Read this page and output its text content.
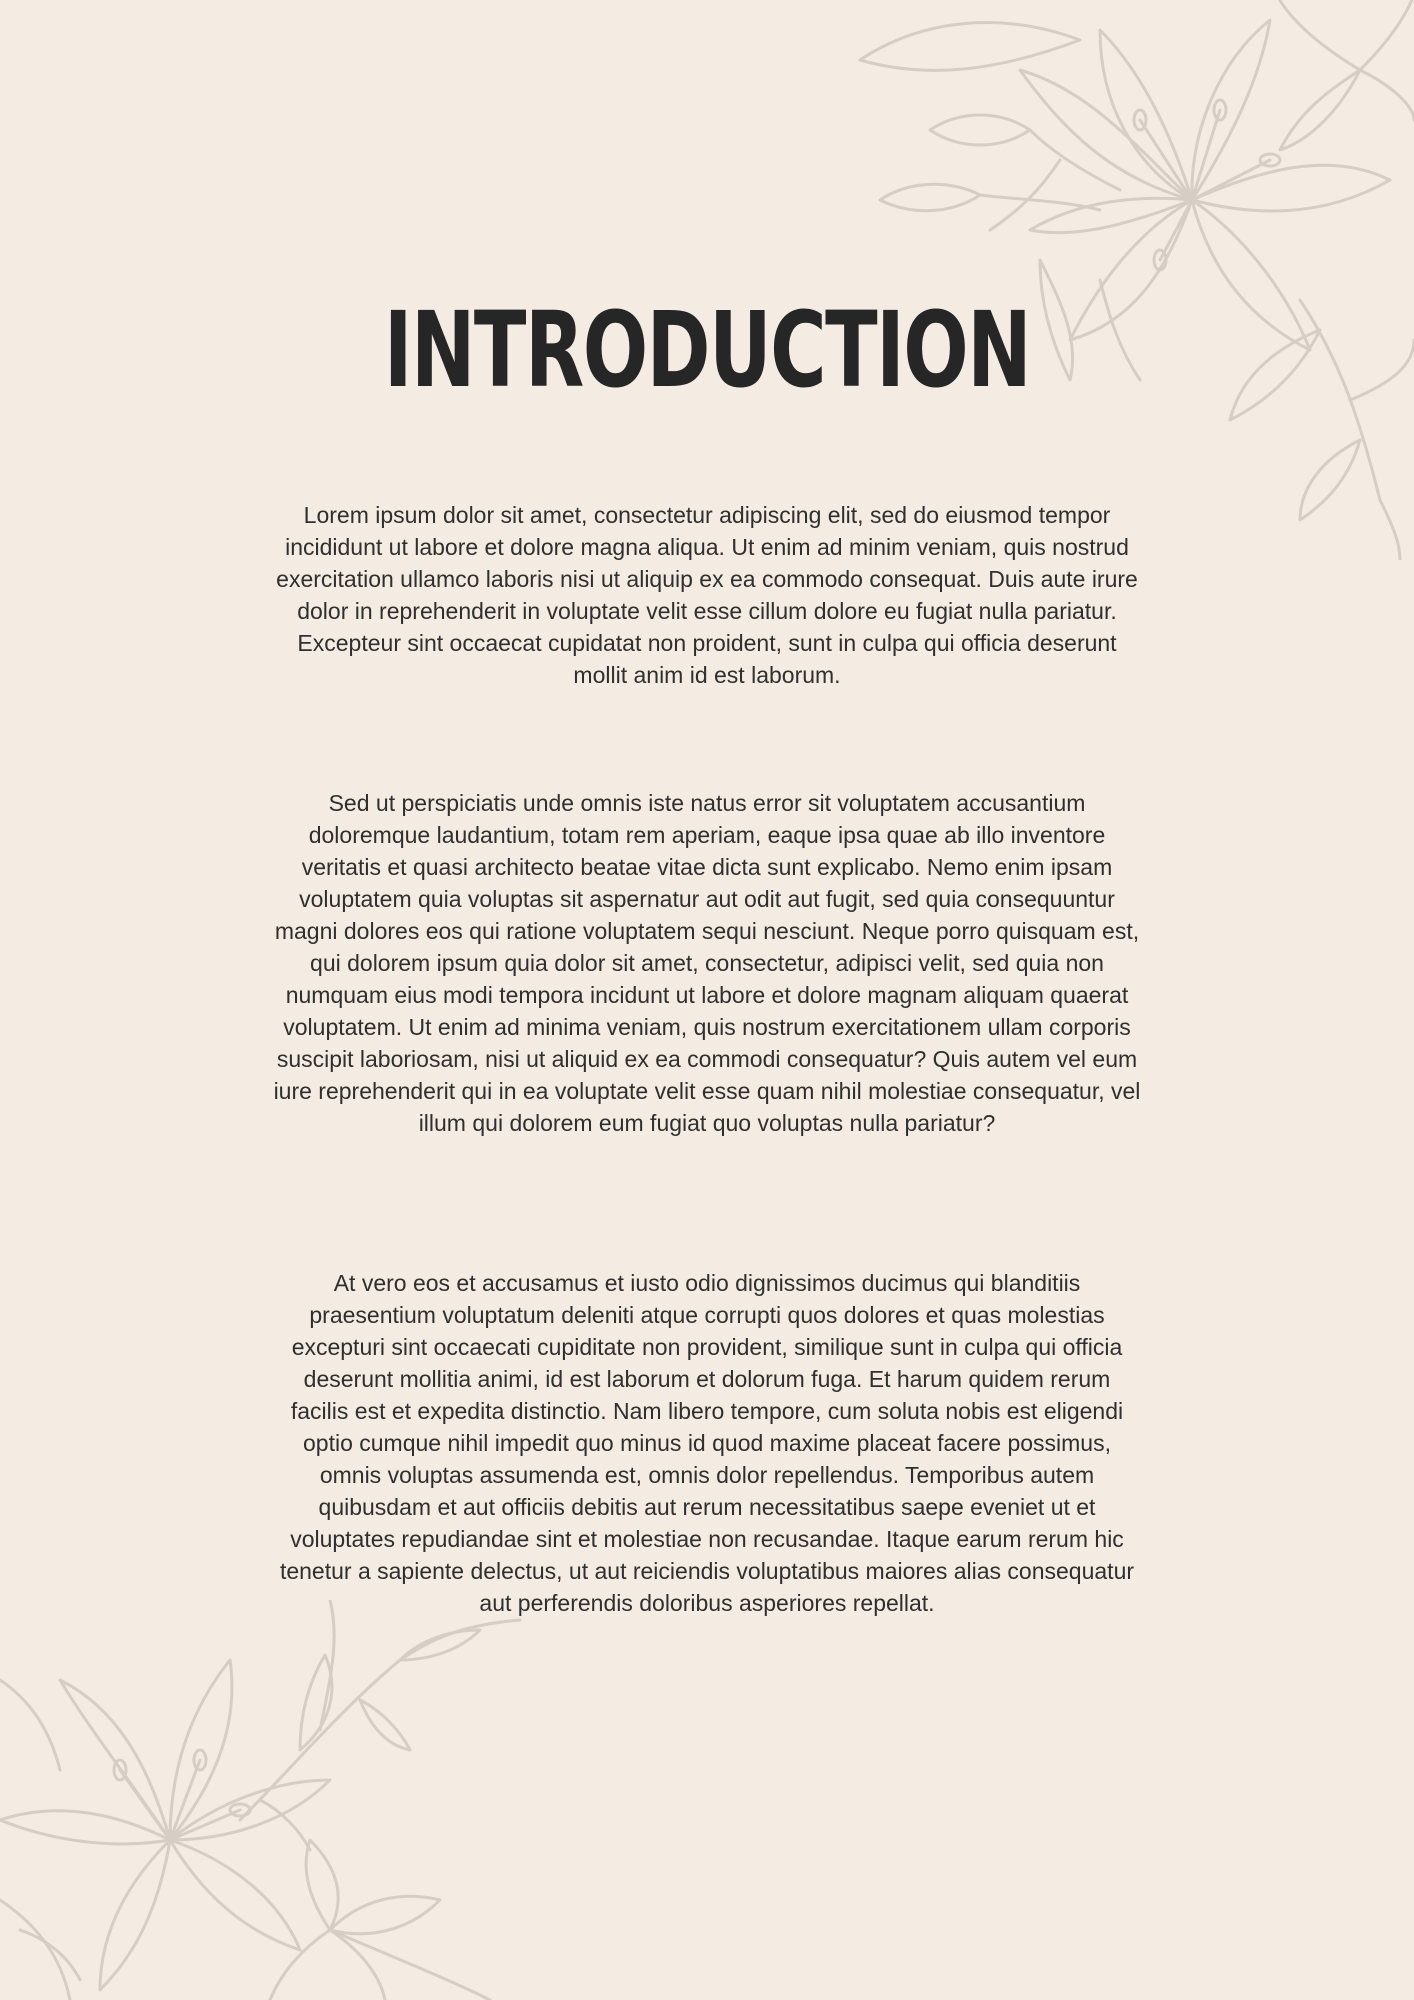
INTRODUCTION

Lorem ipsum dolor sit amet, consectetur adipiscing elit, sed do eiusmod tempor incididunt ut labore et dolore magna aliqua. Ut enim ad minim veniam, quis nostrud exercitation ullamco laboris nisi ut aliquip ex ea commodo consequat. Duis aute irure dolor in reprehenderit in voluptate velit esse cillum dolore eu fugiat nulla pariatur. Excepteur sint occaecat cupidatat non proident, sunt in culpa qui officia deserunt mollit anim id est laborum.

Sed ut perspiciatis unde omnis iste natus error sit voluptatem accusantium doloremque laudantium, totam rem aperiam, eaque ipsa quae ab illo inventore veritatis et quasi architecto beatae vitae dicta sunt explicabo. Nemo enim ipsam voluptatem quia voluptas sit aspernatur aut odit aut fugit, sed quia consequuntur magni dolores eos qui ratione voluptatem sequi nesciunt. Neque porro quisquam est, qui dolorem ipsum quia dolor sit amet, consectetur, adipisci velit, sed quia non numquam eius modi tempora incidunt ut labore et dolore magnam aliquam quaerat voluptatem. Ut enim ad minima veniam, quis nostrum exercitationem ullam corporis suscipit laboriosam, nisi ut aliquid ex ea commodi consequatur? Quis autem vel eum iure reprehenderit qui in ea voluptate velit esse quam nihil molestiae consequatur, vel illum qui dolorem eum fugiat quo voluptas nulla pariatur?

At vero eos et accusamus et iusto odio dignissimos ducimus qui blanditiis praesentium voluptatum deleniti atque corrupti quos dolores et quas molestias excepturi sint occaecati cupiditate non provident, similique sunt in culpa qui officia deserunt mollitia animi, id est laborum et dolorum fuga. Et harum quidem rerum facilis est et expedita distinctio. Nam libero tempore, cum soluta nobis est eligendi optio cumque nihil impedit quo minus id quod maxime placeat facere possimus, omnis voluptas assumenda est, omnis dolor repellendus. Temporibus autem quibusdam et aut officiis debitis aut rerum necessitatibus saepe eveniet ut et voluptates repudiandae sint et molestiae non recusandae. Itaque earum rerum hic tenetur a sapiente delectus, ut aut reiciendis voluptatibus maiores alias consequatur aut perferendis doloribus asperiores repellat.
